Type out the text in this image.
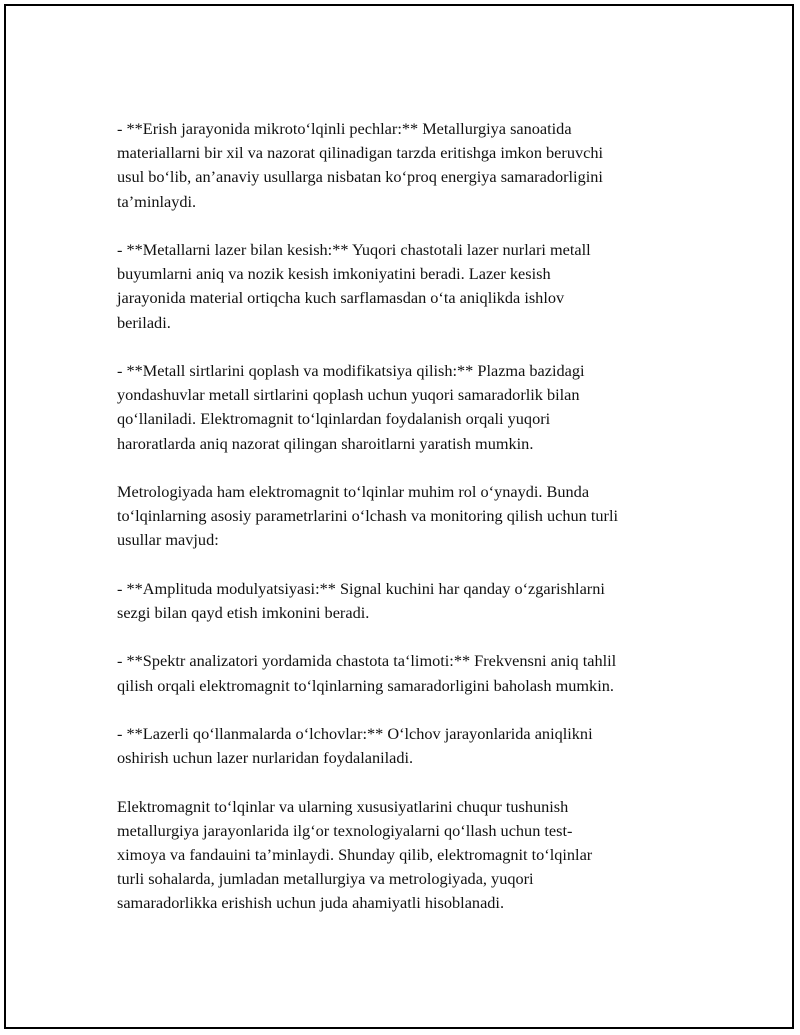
- **Erish jarayonida mikroto‘lqinli pechlar:** Metallurgiya sanoatida
materiallarni bir xil va nazorat qilinadigan tarzda eritishga imkon beruvchi
usul bo‘lib, an’anaviy usullarga nisbatan ko‘proq energiya samaradorligini
ta’minlaydi.

- **Metallarni lazer bilan kesish:** Yuqori chastotali lazer nurlari metall
buyumlarni aniq va nozik kesish imkoniyatini beradi. Lazer kesish
jarayonida material ortiqcha kuch sarflamasdan o‘ta aniqlikda ishlov
beriladi.

- **Metall sirtlarini qoplash va modifikatsiya qilish:** Plazma bazidagi
yondashuvlar metall sirtlarini qoplash uchun yuqori samaradorlik bilan
qo‘llaniladi. Elektromagnit to‘lqinlardan foydalanish orqali yuqori
haroratlarda aniq nazorat qilingan sharoitlarni yaratish mumkin.

Metrologiyada ham elektromagnit to‘lqinlar muhim rol o‘ynaydi. Bunda
to‘lqinlarning asosiy parametrlarini o‘lchash va monitoring qilish uchun turli
usullar mavjud:

- **Amplituda modulyatsiyasi:** Signal kuchini har qanday o‘zgarishlarni
sezgi bilan qayd etish imkonini beradi.

- **Spektr analizatori yordamida chastota ta‘limoti:** Frekvensni aniq tahlil
qilish orqali elektromagnit to‘lqinlarning samaradorligini baholash mumkin.

- **Lazerli qo‘llanmalarda o‘lchovlar:** O‘lchov jarayonlarida aniqlikni
oshirish uchun lazer nurlaridan foydalaniladi.

Elektromagnit to‘lqinlar va ularning xususiyatlarini chuqur tushunish
metallurgiya jarayonlarida ilg‘or texnologiyalarni qo‘llash uchun test-
ximoya va fandauini ta’minlaydi. Shunday qilib, elektromagnit to‘lqinlar
turli sohalarda, jumladan metallurgiya va metrologiyada, yuqori
samaradorlikka erishish uchun juda ahamiyatli hisoblanadi.
